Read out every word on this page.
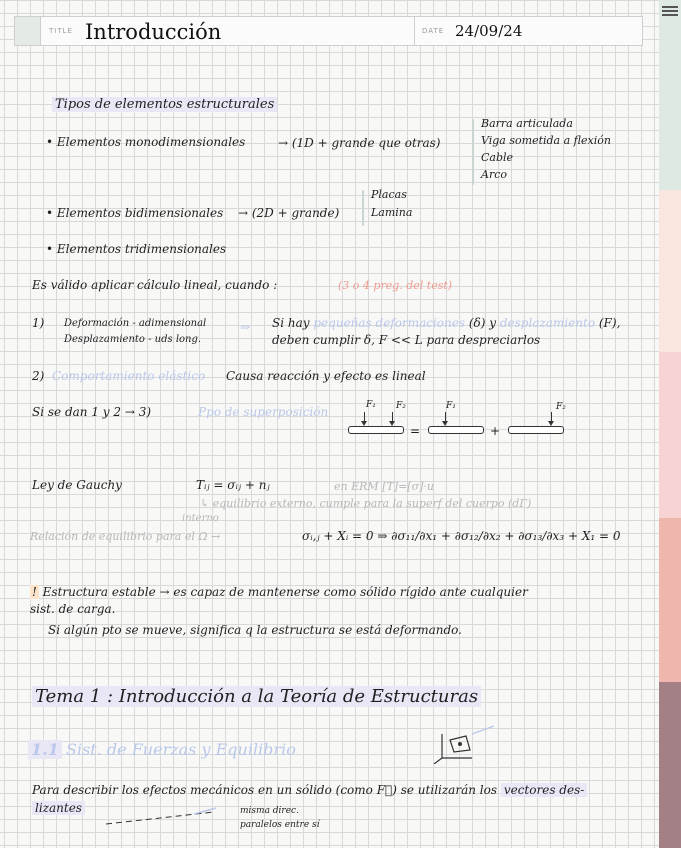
TITLE Introducción	DATE 24/09/24
Tipos de elementos estructurales
• Elementos monodimensionales	→ (1D + grande que otras)
Barra articulada
Viga sometida a flexión
Cable
Arco
• Elementos bidimensionales → (2D + grande)
Placas
Lamina
• Elementos tridimensionales
Es válido aplicar cálculo lineal, cuando :	(3 o 4 preg. del test)
1) Deformación - adimensional
Desplazamiento - uds long.
⇒ Si hay pequeñas deformaciones (δ) y desplazamiento (F),
deben cumplir δ, F << L para despreciarlos
2) Comportamiento elástico Causa reacción y efecto es lineal
Si se dan 1 y 2 → 3)	Ppo de superposición	F₁ F₂
=
F₁
+
F₂
Ley de Gauchy	Tᵢⱼ = σᵢⱼ + nⱼ	en ERM [T]=[σ]·u
↳ equilibrio externo, cumple para la superf del cuerpo (dΓ)
interno
Relación de equilibrio para el Ω →	σᵢ,ⱼ + Xᵢ = 0 ⇒ ∂σ₁₁/∂x₁ + ∂σ₁₂/∂x₂ + ∂σ₁₃/∂x₃ + X₁ = 0
! Estructura estable → es capaz de mantenerse como sólido rígido ante cualquier
sist. de carga.
Si algún pto se mueve, significa q la estructura se está deformando.
Tema 1 : Introducción a la Teoría de Estructuras
1.1 Sist. de Fuerzas y Equilibrio
Para describir los efectos mecánicos en un sólido (como F⃗) se utilizarán los vectores des-
lizantes	misma direc.
paralelos entre sí
